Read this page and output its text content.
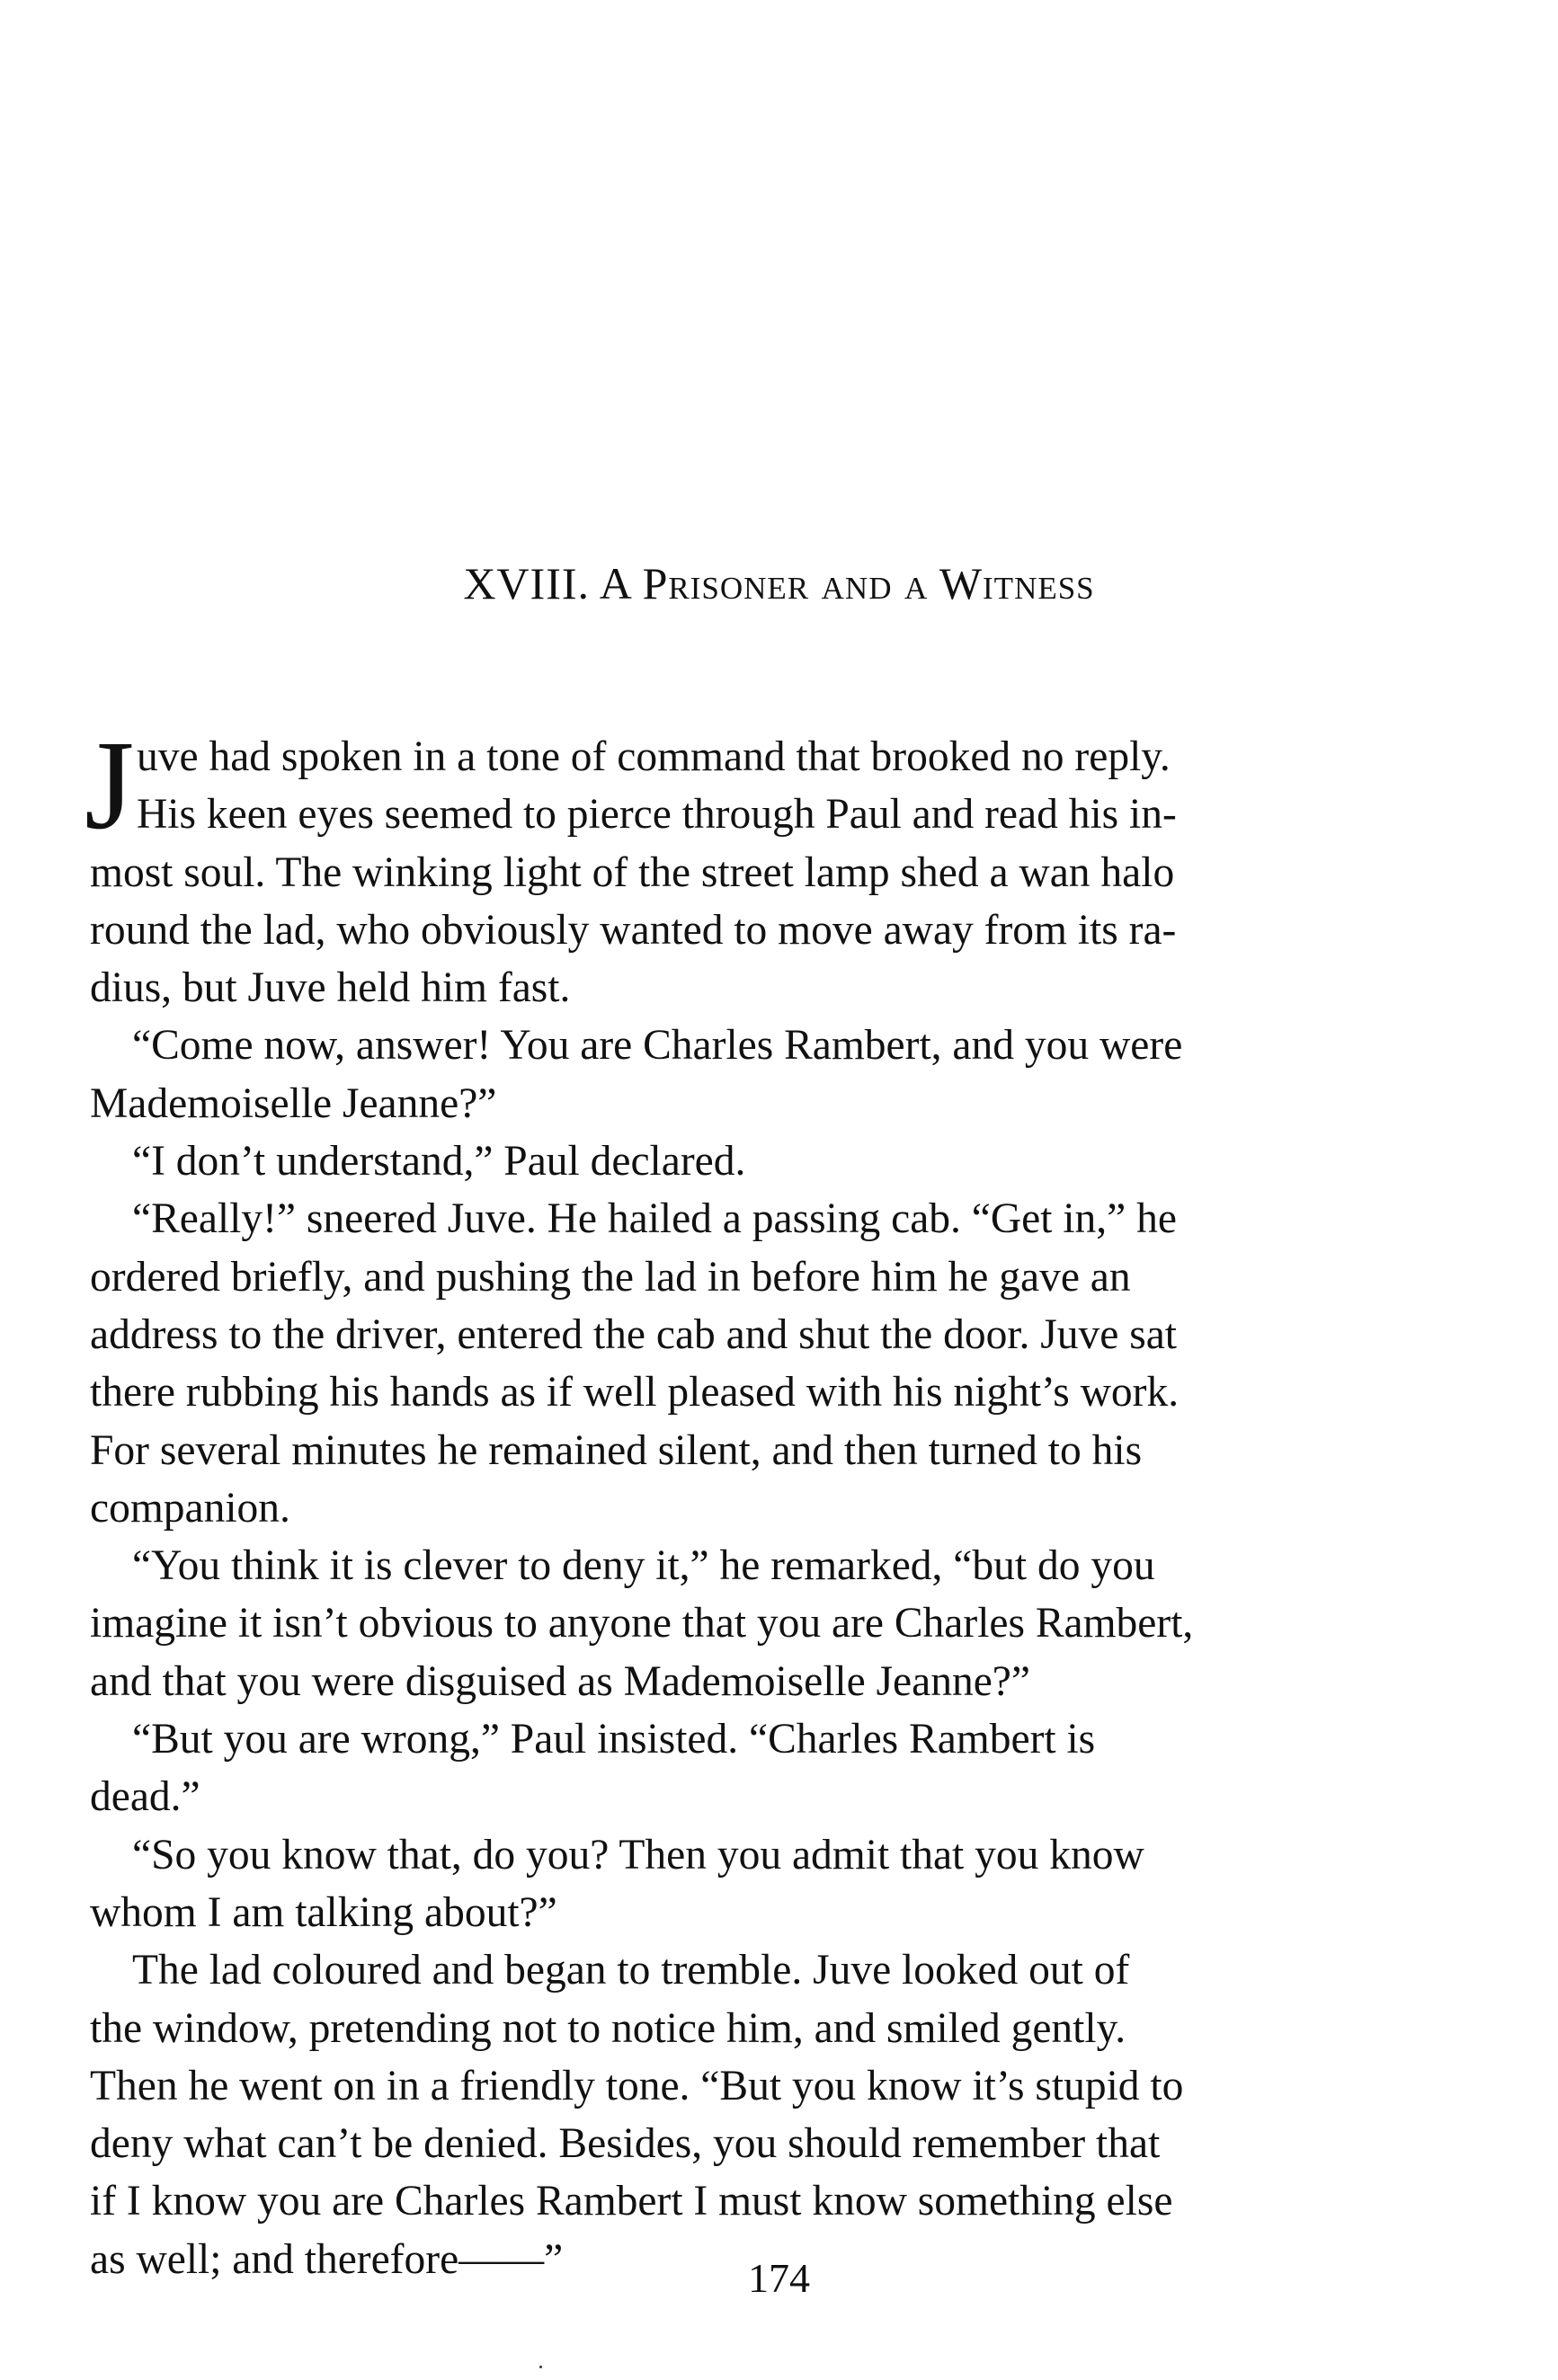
XVIII. A Prisoner and a Witness

J uve had spoken in a tone of command that brooked no reply.
His keen eyes seemed to pierce through Paul and read his in-
most soul. The winking light of the street lamp shed a wan halo
round the lad, who obviously wanted to move away from its ra-
dius, but Juve held him fast.

“Come now, answer! You are Charles Rambert, and you were
Mademoiselle Jeanne?”

“I don’t understand,” Paul declared.

“Really!” sneered Juve. He hailed a passing cab. “Get in,” he
ordered briefly, and pushing the lad in before him he gave an
address to the driver, entered the cab and shut the door. Juve sat
there rubbing his hands as if well pleased with his night’s work.
For several minutes he remained silent, and then turned to his
companion.

“You think it is clever to deny it,” he remarked, “but do you
imagine it isn’t obvious to anyone that you are Charles Rambert,
and that you were disguised as Mademoiselle Jeanne?”

“But you are wrong,” Paul insisted. “Charles Rambert is
dead.”

“So you know that, do you? Then you admit that you know
whom I am talking about?”

The lad coloured and began to tremble. Juve looked out of
the window, pretending not to notice him, and smiled gently.
Then he went on in a friendly tone. “But you know it’s stupid to
deny what can’t be denied. Besides, you should remember that
if I know you are Charles Rambert I must know something else
as well; and therefore——”	174
